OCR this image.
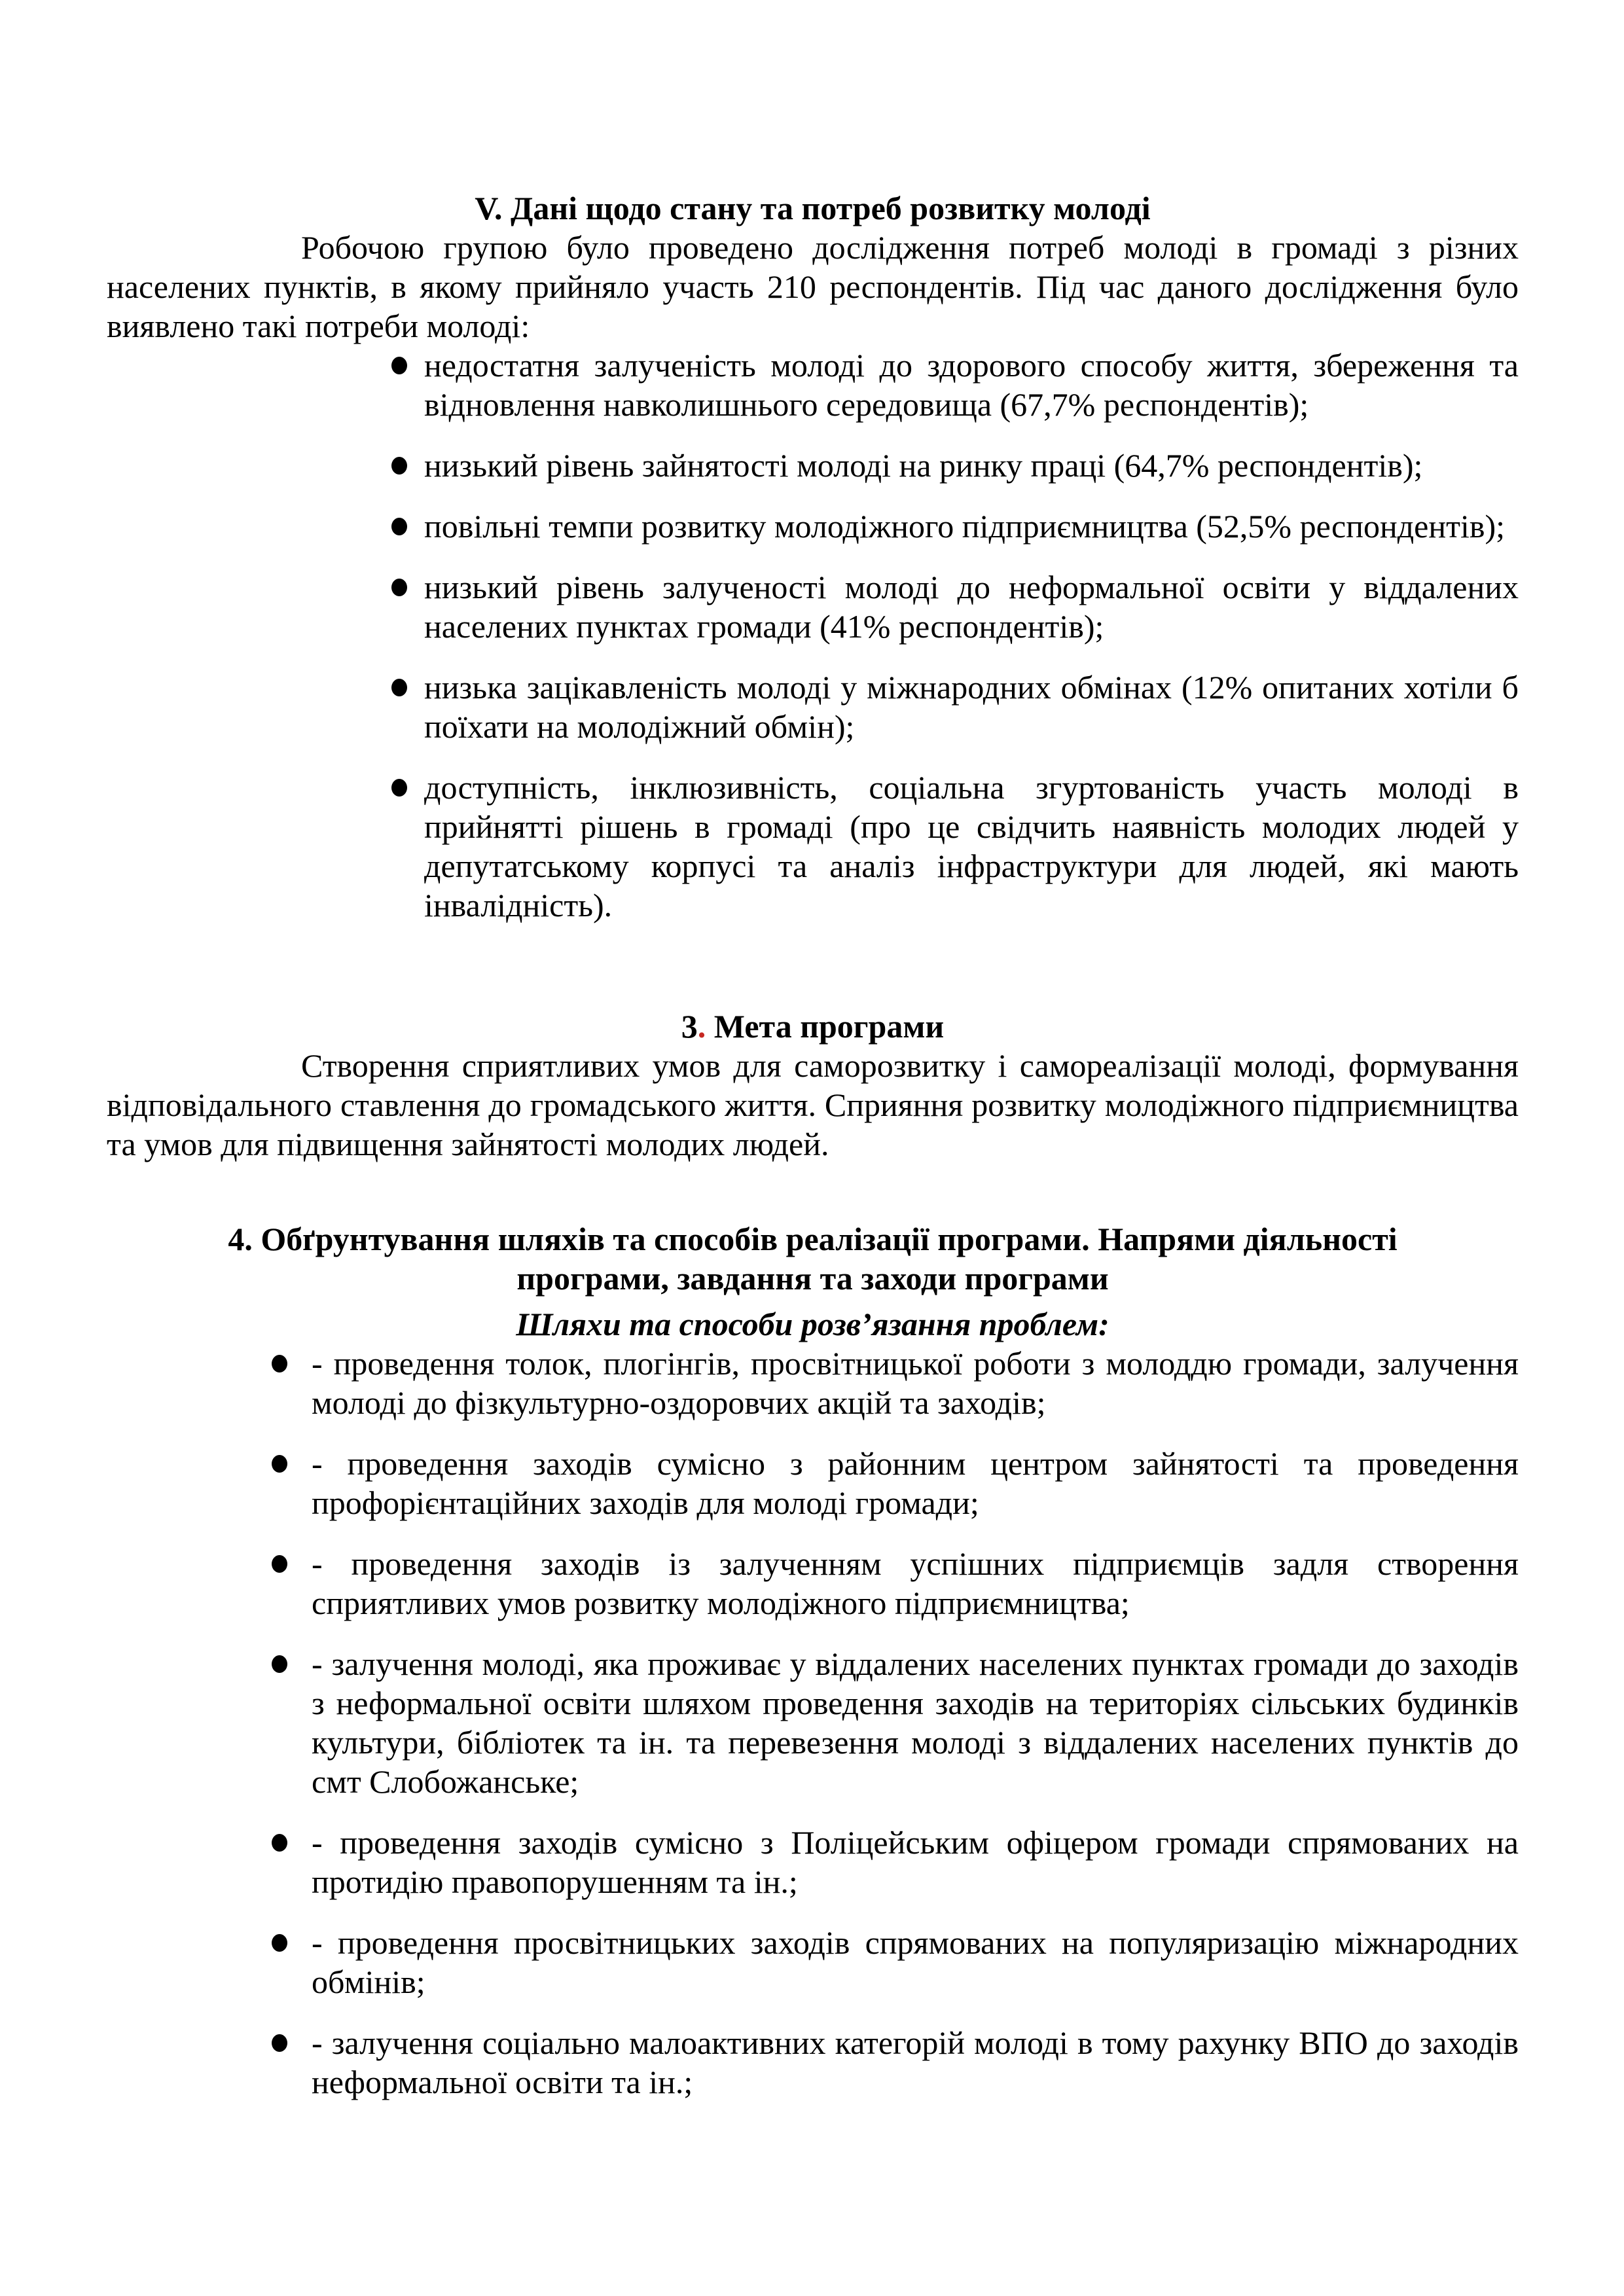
V. Дані щодо стану та потреб розвитку молоді

Робочою групою було проведено дослідження потреб молоді в громаді з різних населених пунктів, в якому прийняло участь 210 респондентів. Під час даного дослідження було виявлено такі потреби молоді:

недостатня залученість молоді до здорового способу життя, збереження та відновлення навколишнього середовища (67,7% респондентів);
низький рівень зайнятості молоді на ринку праці (64,7% респондентів);
повільні темпи розвитку молодіжного підприємництва (52,5% респондентів);
низький рівень залученості молоді до неформальної освіти у віддалених населених пунктах громади (41% респондентів);
низька зацікавленість молоді у міжнародних обмінах (12% опитаних хотіли б поїхати на молодіжний обмін);
доступність, інклюзивність, соціальна згуртованість участь молоді в прийнятті рішень в громаді (про це свідчить наявність молодих людей у депутатському корпусі та аналіз інфраструктури для людей, які мають інвалідність).
3. Мета програми

Створення сприятливих умов для саморозвитку і самореалізації молоді, формування відповідального ставлення до громадського життя. Сприяння розвитку молодіжного підприємництва та умов для підвищення зайнятості молодих людей.

4. Обґрунтування шляхів та способів реалізації програми. Напрями діяльності
програми, завдання та заходи програми
Шляхи та способи розв’язання проблем:
- проведення толок, плогінгів, просвітницької роботи з молоддю громади, залучення молоді до фізкультурно-оздоровчих акцій та заходів;
- проведення заходів сумісно з районним центром зайнятості та проведення профорієнтаційних заходів для молоді громади;
- проведення заходів із залученням успішних підприємців задля створення сприятливих умов розвитку молодіжного підприємництва;
- залучення молоді, яка проживає у віддалених населених пунктах громади до заходів з неформальної освіти шляхом проведення заходів на територіях сільських будинків культури, бібліотек та ін. та перевезення молоді з віддалених населених пунктів до смт Слобожанське;
- проведення заходів сумісно з Поліцейським офіцером громади спрямованих на протидію правопорушенням та ін.;
- проведення просвітницьких заходів спрямованих на популяризацію міжнародних обмінів;
- залучення соціально малоактивних категорій молоді в тому рахунку ВПО до заходів неформальної освіти та ін.;
